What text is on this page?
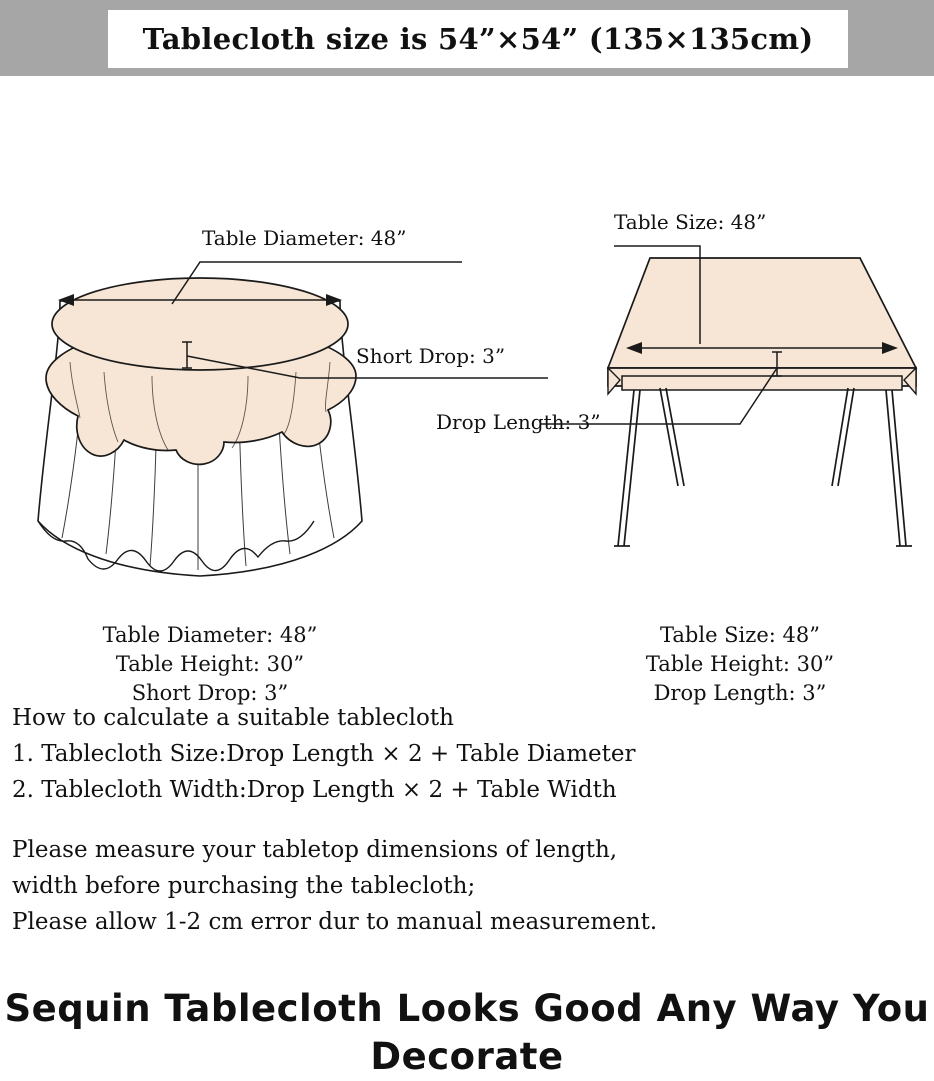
Tablecloth size is 54”×54” (135×135cm)
Table Diameter: 48”
Short Drop: 3”
Table Size: 48”
Drop Length: 3”
Table Diameter: 48”
Table Height: 30”
Short Drop: 3”
Table Size: 48”
Table Height: 30”
Drop Length: 3”
How to calculate a suitable tablecloth
1. Tablecloth Size:Drop Length × 2 + Table Diameter
2. Tablecloth Width:Drop Length × 2 + Table Width
Please measure your tabletop dimensions of length,
width before purchasing the tablecloth;
Please allow 1-2 cm error dur to manual measurement.
Sequin Tablecloth Looks Good Any Way You
Decorate
